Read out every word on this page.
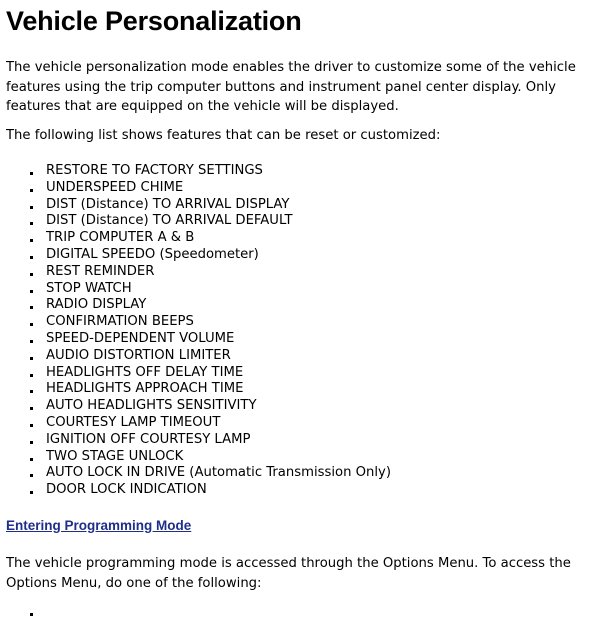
Vehicle Personalization

The vehicle personalization mode enables the driver to customize some of the vehicle features using the trip computer buttons and instrument panel center display. Only features that are equipped on the vehicle will be displayed.

The following list shows features that can be reset or customized:

RESTORE TO FACTORY SETTINGS
UNDERSPEED CHIME
DIST (Distance) TO ARRIVAL DISPLAY
DIST (Distance) TO ARRIVAL DEFAULT
TRIP COMPUTER A & B
DIGITAL SPEEDO (Speedometer)
REST REMINDER
STOP WATCH
RADIO DISPLAY
CONFIRMATION BEEPS
SPEED-DEPENDENT VOLUME
AUDIO DISTORTION LIMITER
HEADLIGHTS OFF DELAY TIME
HEADLIGHTS APPROACH TIME
AUTO HEADLIGHTS SENSITIVITY
COURTESY LAMP TIMEOUT
IGNITION OFF COURTESY LAMP
TWO STAGE UNLOCK
AUTO LOCK IN DRIVE (Automatic Transmission Only)
DOOR LOCK INDICATION
Entering Programming Mode

The vehicle programming mode is accessed through the Options Menu. To access the Options Menu, do one of the following:
